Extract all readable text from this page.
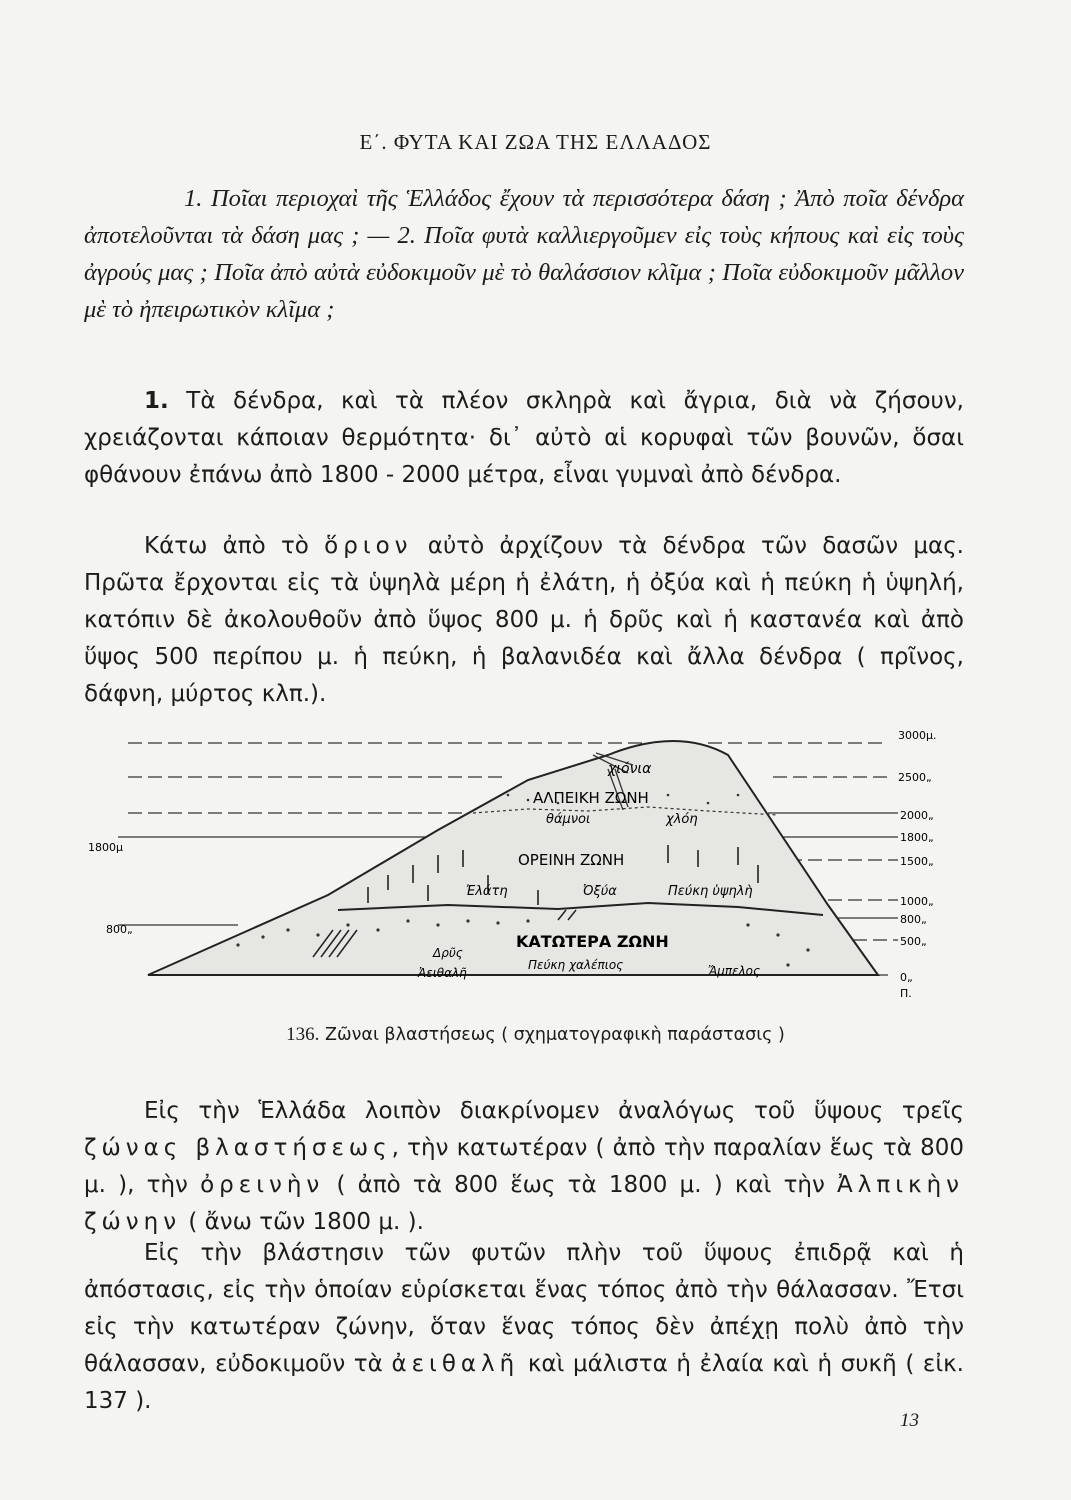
Ε΄. ΦΥΤΑ ΚΑΙ ΖΩΑ ΤΗΣ ΕΛΛΑΔΟΣ

1. Ποῖαι περιοχαὶ τῆς Ἑλλάδος ἔχουν τὰ περισσότερα δάση ; Ἀπὸ ποῖα δένδρα ἀποτελοῦνται τὰ δάση μας ; — 2. Ποῖα φυτὰ καλλιεργοῦμεν εἰς τοὺς κήπους καὶ εἰς τοὺς ἀγρούς μας ; Ποῖα ἀπὸ αὐτὰ εὐδοκιμοῦν μὲ τὸ θαλάσσιον κλῖμα ; Ποῖα εὐδοκιμοῦν μᾶλλον μὲ τὸ ἠπειρωτικὸν κλῖμα ;

1. Τὰ δένδρα, καὶ τὰ πλέον σκληρὰ καὶ ἄγρια, διὰ νὰ ζήσουν, χρειάζονται κάποιαν θερμότητα· δι᾽ αὐτὸ αἱ κορυφαὶ τῶν βουνῶν, ὅσαι φθάνουν ἐπάνω ἀπὸ 1800 - 2000 μέτρα, εἶναι γυμναὶ ἀπὸ δένδρα.

Κάτω ἀπὸ τὸ ὅριον αὐτὸ ἀρχίζουν τὰ δένδρα τῶν δασῶν μας. Πρῶτα ἔρχονται εἰς τὰ ὑψηλὰ μέρη ἡ ἐλάτη, ἡ ὀξύα καὶ ἡ πεύκη ἡ ὑψηλή, κατόπιν δὲ ἀκολουθοῦν ἀπὸ ὕψος 800 μ. ἡ δρῦς καὶ ἡ καστανέα καὶ ἀπὸ ὕψος 500 περίπου μ. ἡ πεύκη, ἡ βαλανιδέα καὶ ἄλλα δένδρα ( πρῖνος, δάφνη, μύρτος κλπ.).

3000μ.
2500„
2000„
1800„
1500„
1000„
800„
500„
0„
Π.
1800μ
800„
χιόνια
ΑΛΠΕΙΚΗ ΖΩΝΗ
θάμνοι	χλόη
ΟΡΕΙΝΗ ΖΩΝΗ
Ἐλάτη	Ὀξύα	Πεύκη ὑψηλὴ
ΚΑΤΩΤΕΡΑ ΖΩΝΗ
Δρῦς
Ἀειθαλῆ
Πεύκη χαλέπιος	Ἄμπελος
136. Ζῶναι βλαστήσεως ( σχηματογραφικὴ παράστασις )

Εἰς τὴν Ἑλλάδα λοιπὸν διακρίνομεν ἀναλόγως τοῦ ὕψους τρεῖς ζώνας βλαστήσεως, τὴν κατωτέραν ( ἀπὸ τὴν παραλίαν ἕως τὰ 800 μ. ), τὴν ὀρεινὴν ( ἀπὸ τὰ 800 ἕως τὰ 1800 μ. ) καὶ τὴν Ἀλπικὴν ζώνην ( ἄνω τῶν 1800 μ. ).

Εἰς τὴν βλάστησιν τῶν φυτῶν πλὴν τοῦ ὕψους ἐπιδρᾷ καὶ ἡ ἀπόστασις, εἰς τὴν ὁποίαν εὑρίσκεται ἕνας τόπος ἀπὸ τὴν θάλασσαν. Ἔτσι εἰς τὴν κατωτέραν ζώνην, ὅταν ἕνας τόπος δὲν ἀπέχῃ πολὺ ἀπὸ τὴν θάλασσαν, εὐδοκιμοῦν τὰ ἀειθαλῆ καὶ μάλιστα ἡ ἐλαία καὶ ἡ συκῆ ( εἰκ. 137 ).

13
